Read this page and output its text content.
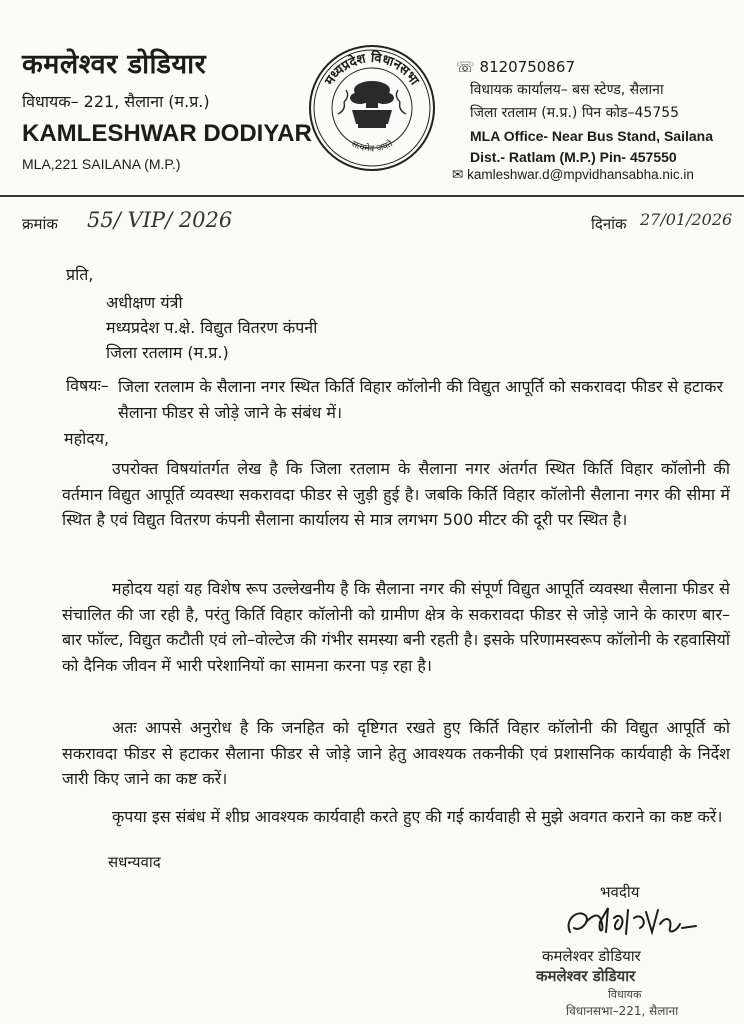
कमलेश्वर डोडियार
विधायक– 221, सैलाना (म.प्र.)
KAMLESHWAR DODIYAR
MLA,221 SAILANA (M.P.)
मध्यप्रदेश विधानसभा
सत्यमेव जयते
☏ 8120750867
विधायक कार्यालय– बस स्टेण्ड, सैलाना
जिला रतलाम (म.प्र.) पिन कोड–45755
MLA Office- Near Bus Stand, Sailana
Dist.- Ratlam (M.P.) Pin- 457550
✉ kamleshwar.d@mpvidhansabha.nic.in
क्रमांक 55/ VIP/ 2026	दिनांक 27/01/2026
प्रति,
अधीक्षण यंत्री
मध्यप्रदेश प.क्षे. विद्युत वितरण कंपनी
जिला रतलाम (म.प्र.)
विषयः– जिला रतलाम के सैलाना नगर स्थित किर्ति विहार कॉलोनी की विद्युत आपूर्ति को सकरावदा फीडर से हटाकर सैलाना फीडर से जोड़े जाने के संबंध में।
महोदय,
उपरोक्त विषयांतर्गत लेख है कि जिला रतलाम के सैलाना नगर अंतर्गत स्थित किर्ति विहार कॉलोनी की वर्तमान विद्युत आपूर्ति व्यवस्था सकरावदा फीडर से जुड़ी हुई है। जबकि किर्ति विहार कॉलोनी सैलाना नगर की सीमा में स्थित है एवं विद्युत वितरण कंपनी सैलाना कार्यालय से मात्र लगभग 500 मीटर की दूरी पर स्थित है।
महोदय यहां यह विशेष रूप उल्लेखनीय है कि सैलाना नगर की संपूर्ण विद्युत आपूर्ति व्यवस्था सैलाना फीडर से संचालित की जा रही है, परंतु किर्ति विहार कॉलोनी को ग्रामीण क्षेत्र के सकरावदा फीडर से जोड़े जाने के कारण बार–बार फॉल्ट, विद्युत कटौती एवं लो–वोल्टेज की गंभीर समस्या बनी रहती है। इसके परिणामस्वरूप कॉलोनी के रहवासियों को दैनिक जीवन में भारी परेशानियों का सामना करना पड़ रहा है।
अतः आपसे अनुरोध है कि जनहित को दृष्टिगत रखते हुए किर्ति विहार कॉलोनी की विद्युत आपूर्ति को सकरावदा फीडर से हटाकर सैलाना फीडर से जोड़े जाने हेतु आवश्यक तकनीकी एवं प्रशासनिक कार्यवाही के निर्देश जारी किए जाने का कष्ट करें।
कृपया इस संबंध में शीघ्र आवश्यक कार्यवाही करते हुए की गई कार्यवाही से मुझे अवगत कराने का कष्ट करें।
सधन्यवाद
भवदीय
कमलेश्वर डोडियार
कमलेश्वर डोडियार
विधायक
विधानसभा–221, सैलाना
